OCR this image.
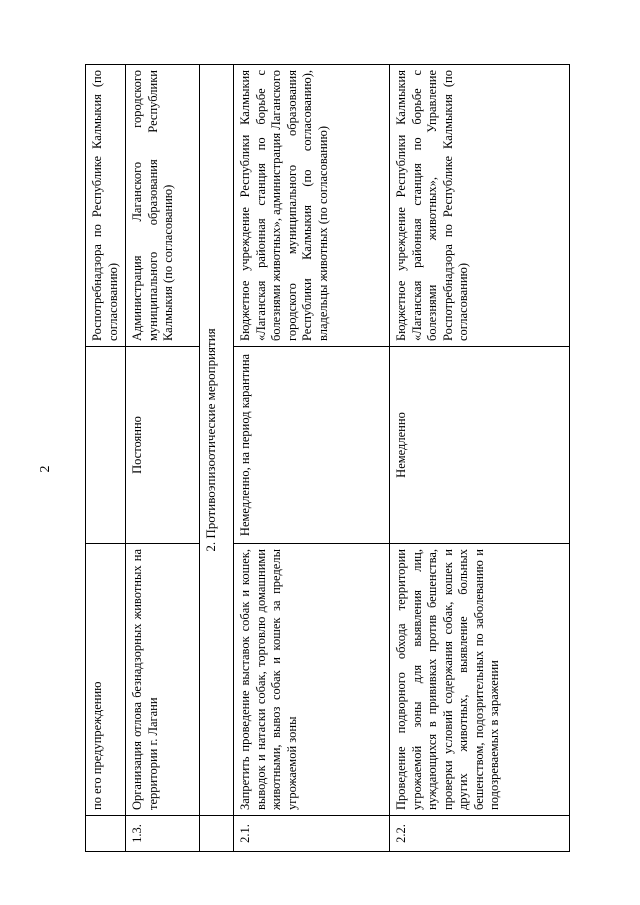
2
	по его предупреждению		Роспотребнадзора по Республике Калмыкия (по согласованию)
1.3.	Организация отлова безнадзорных животных на территории г. Лагани	Постоянно	Администрация Лаганского городского муниципального образования Республики Калмыкия (по согласованию)
	2. Противоэпизоотические мероприятия		
2.1.	Запретить проведение выставок собак и кошек, выводок и натаски собак, торговлю домашними животными, вывоз собак и кошек за пределы угрожаемой зоны	Немедленно, на период карантина	Бюджетное учреждение Республики Калмыкия «Лаганская районная станция по борьбе с болезнями животных», администрация Лаганского городского муниципального образования Республики Калмыкия (по согласованию), владельцы животных (по согласованию)
2.2.	Проведение подворного обхода территории угрожаемой зоны для выявления лиц, нуждающихся в прививках против бешенства, проверки условий содержания собак, кошек и других животных, выявление больных бешенством, подозрительных по заболеванию и подозреваемых в заражении	Немедленно	Бюджетное учреждение Республики Калмыкия «Лаганская районная станция по борьбе с болезнями животных», Управление Роспотребнадзора по Республике Калмыкия (по согласованию)
